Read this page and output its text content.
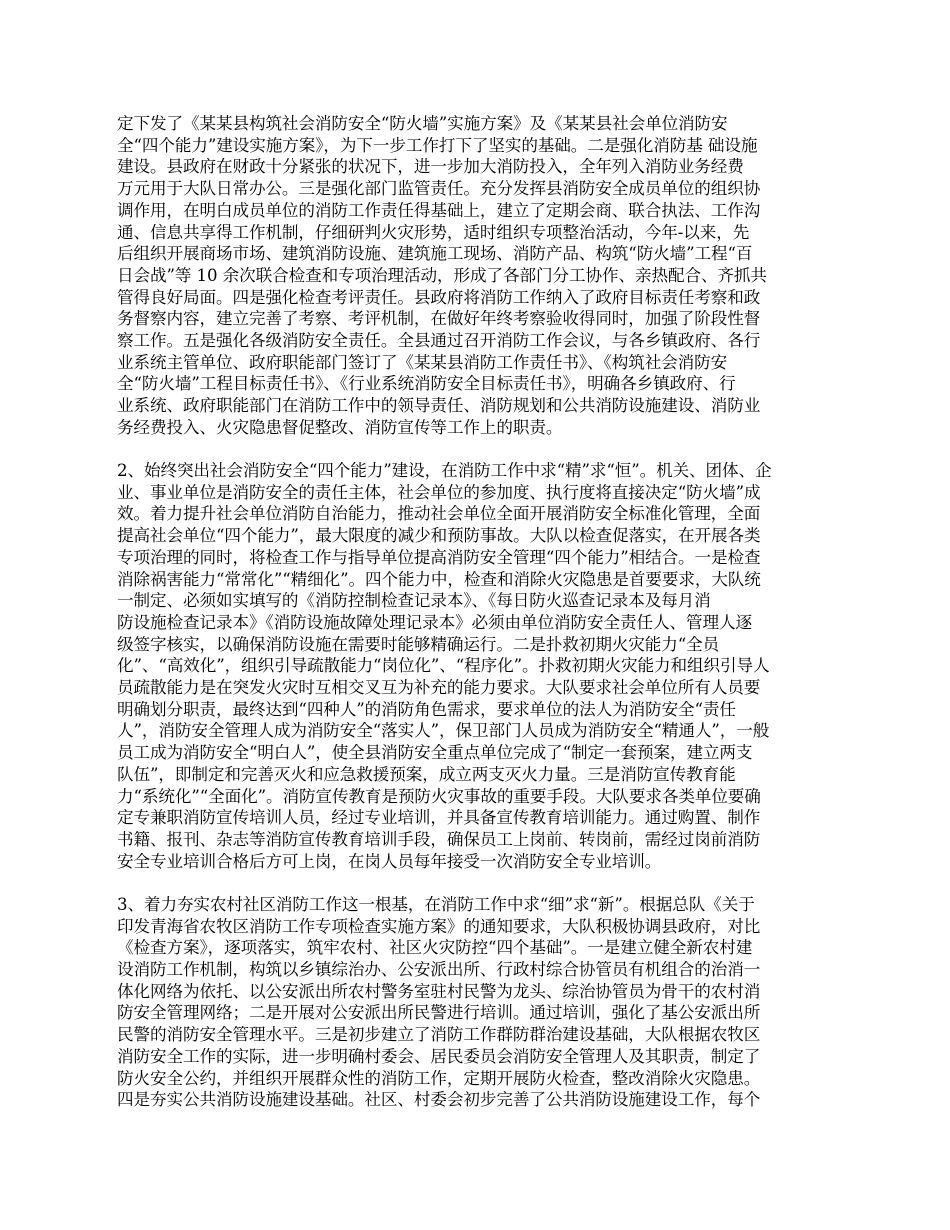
定下发了《某某县构筑社会消防安全“防火墙”实施方案》及《某某县社会单位消防安
全“四个能力”建设实施方案》，为下一步工作打下了坚实的基础。二是强化消防基 础设施
建设。县政府在财政十分紧张的状况下，进一步加大消防投入，全年列入消防业务经费
万元用于大队日常办公。三是强化部门监管责任。充分发挥县消防安全成员单位的组织协
调作用，在明白成员单位的消防工作责任得基础上，建立了定期会商、联合执法、工作沟
通、信息共享得工作机制，仔细研判火灾形势，适时组织专项整治活动，今年-以来，先
后组织开展商场市场、建筑消防设施、建筑施工现场、消防产品、构筑“防火墙”工程“百
日会战”等 10 余次联合检查和专项治理活动，形成了各部门分工协作、亲热配合、齐抓共
管得良好局面。四是强化检查考评责任。县政府将消防工作纳入了政府目标责任考察和政
务督察内容，建立完善了考察、考评机制，在做好年终考察验收得同时，加强了阶段性督
察工作。五是强化各级消防安全责任。全县通过召开消防工作会议，与各乡镇政府、各行
业系统主管单位、政府职能部门签订了《某某县消防工作责任书》、《构筑社会消防安
全“防火墙”工程目标责任书》、《行业系统消防安全目标责任书》，明确各乡镇政府、行
业系统、政府职能部门在消防工作中的领导责任、消防规划和公共消防设施建设、消防业
务经费投入、火灾隐患督促整改、消防宣传等工作上的职责。

2、始终突出社会消防安全“四个能力”建设，在消防工作中求“精”求“恒”。机关、团体、企
业、事业单位是消防安全的责任主体，社会单位的参加度、执行度将直接决定“防火墙”成
效。着力提升社会单位消防自治能力，推动社会单位全面开展消防安全标准化管理，全面
提高社会单位“四个能力”，最大限度的减少和预防事故。大队以检查促落实，在开展各类
专项治理的同时，将检查工作与指导单位提高消防安全管理“四个能力”相结合。一是检查
消除祸害能力“常常化”“精细化”。四个能力中，检查和消除火灾隐患是首要要求，大队统
一制定、必须如实填写的《消防控制检查记录本》、《每日防火巡查记录本及每月消
防设施检查记录本》《消防设施故障处理记录本》必须由单位消防安全责任人、管理人逐
级签字核实，以确保消防设施在需要时能够精确运行。二是扑救初期火灾能力“全员
化”、“高效化”，组织引导疏散能力“岗位化”、“程序化”。扑救初期火灾能力和组织引导人
员疏散能力是在突发火灾时互相交叉互为补充的能力要求。大队要求社会单位所有人员要
明确划分职责，最终达到“四种人”的消防角色需求，要求单位的法人为消防安全“责任
人”，消防安全管理人成为消防安全“落实人”，保卫部门人员成为消防安全“精通人”，一般
员工成为消防安全“明白人”，使全县消防安全重点单位完成了“制定一套预案，建立两支
队伍”，即制定和完善灭火和应急救援预案，成立两支灭火力量。三是消防宣传教育能
力“系统化”“全面化”。消防宣传教育是预防火灾事故的重要手段。大队要求各类单位要确
定专兼职消防宣传培训人员，经过专业培训，并具备宣传教育培训能力。通过购置、制作
书籍、报刊、杂志等消防宣传教育培训手段，确保员工上岗前、转岗前，需经过岗前消防
安全专业培训合格后方可上岗，在岗人员每年接受一次消防安全专业培训。

3、着力夯实农村社区消防工作这一根基，在消防工作中求“细”求“新”。根据总队《关于
印发青海省农牧区消防工作专项检查实施方案》的通知要求，大队积极协调县政府，对比
《检查方案》，逐项落实，筑牢农村、社区火灾防控“四个基础”。一是建立健全新农村建
设消防工作机制，构筑以乡镇综治办、公安派出所、行政村综合协管员有机组合的治消一
体化网络为依托、以公安派出所农村警务室驻村民警为龙头、综治协管员为骨干的农村消
防安全管理网络；二是开展对公安派出所民警进行培训。通过培训，强化了基公安派出所
民警的消防安全管理水平。三是初步建立了消防工作群防群治建设基础，大队根据农牧区
消防安全工作的实际，进一步明确村委会、居民委员会消防安全管理人及其职责，制定了
防火安全公约，并组织开展群众性的消防工作，定期开展防火检查，整改消除火灾隐患。
四是夯实公共消防设施建设基础。社区、村委会初步完善了公共消防设施建设工作，每个
